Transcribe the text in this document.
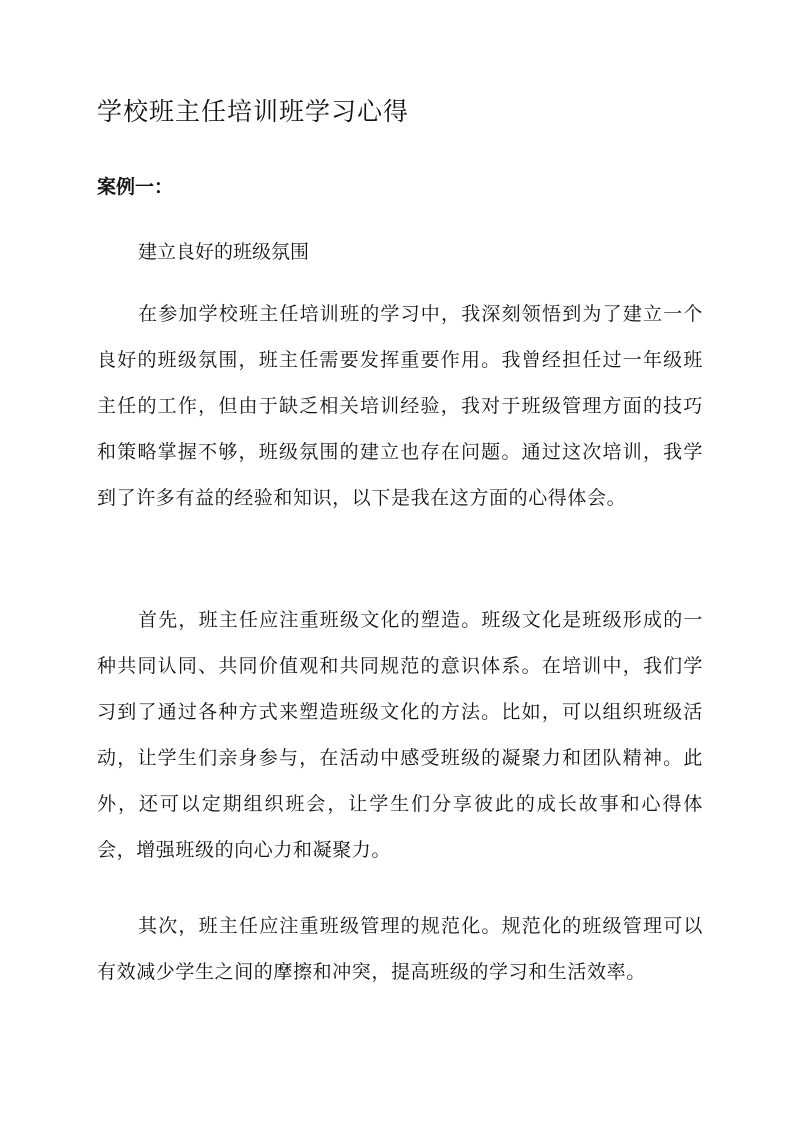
学校班主任培训班学习心得
案例一：
建立良好的班级氛围

在参加学校班主任培训班的学习中，我深刻领悟到为了建立一个良好的班级氛围，班主任需要发挥重要作用。我曾经担任过一年级班主任的工作，但由于缺乏相关培训经验，我对于班级管理方面的技巧和策略掌握不够，班级氛围的建立也存在问题。通过这次培训，我学到了许多有益的经验和知识，以下是我在这方面的心得体会。

首先，班主任应注重班级文化的塑造。班级文化是班级形成的一种共同认同、共同价值观和共同规范的意识体系。在培训中，我们学习到了通过各种方式来塑造班级文化的方法。比如，可以组织班级活动，让学生们亲身参与，在活动中感受班级的凝聚力和团队精神。此外，还可以定期组织班会，让学生们分享彼此的成长故事和心得体会，增强班级的向心力和凝聚力。

其次，班主任应注重班级管理的规范化。规范化的班级管理可以有效减少学生之间的摩擦和冲突，提高班级的学习和生活效率。
